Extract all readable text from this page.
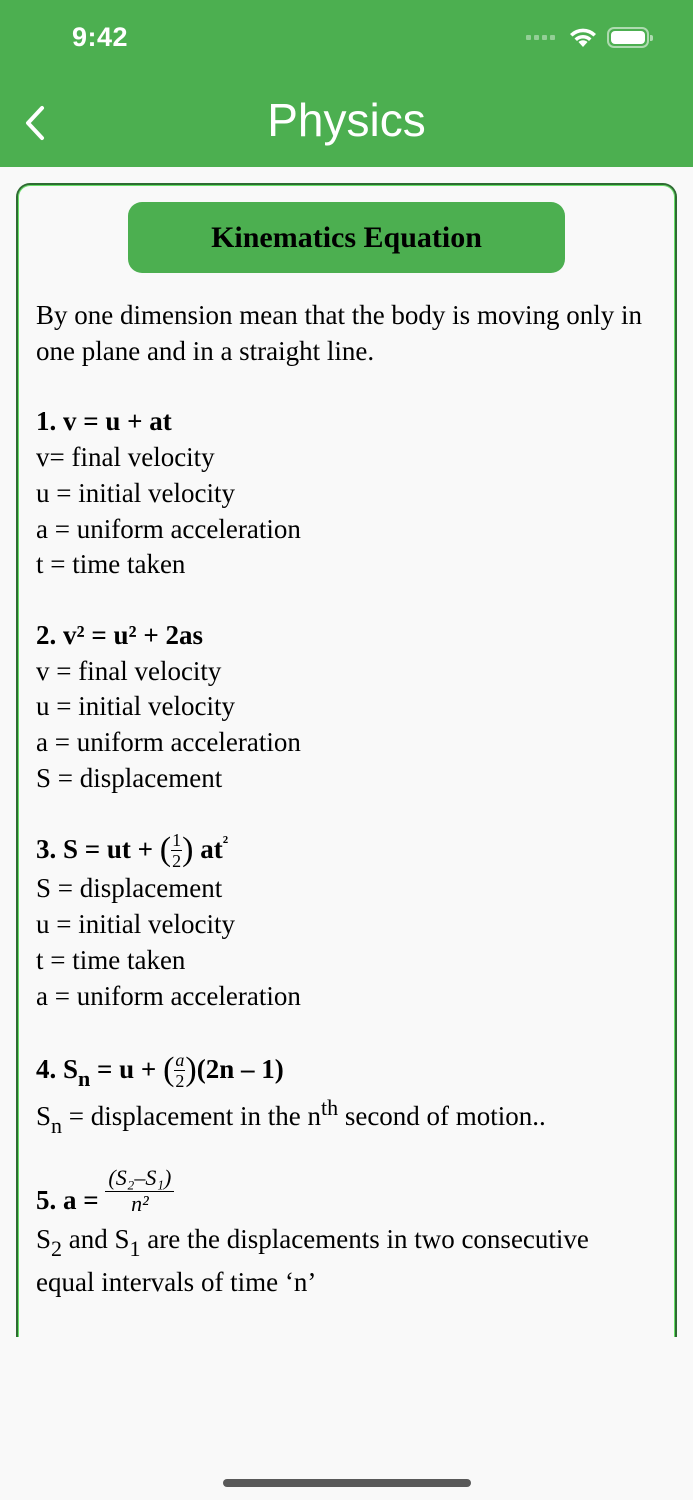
9:42
Physics
Kinematics Equation

By one dimension mean that the body is moving only in one plane and in a straight line.

1. v = u + at
v= final velocity
u = initial velocity
a = uniform acceleration
t = time taken
2. v² = u² + 2as
v = final velocity
u = initial velocity
a = uniform acceleration
S = displacement
3. S = ut + ( $\frac{1}{2}$ ) $at^{^2}$
S = displacement
u = initial velocity
t = time taken
a = uniform acceleration
4. $S_n = u$ + ( $\frac{a}{2} )(2n - 1)$
$S_n$ = displacement in the $n^{th}$ second of motion..
5. $a = \frac{\text{(S₂–S₁)}}{\text{n²}}$
$S_2$ and $S_1$ are the displacements in two consecutive
equal intervals of time ‘n’
